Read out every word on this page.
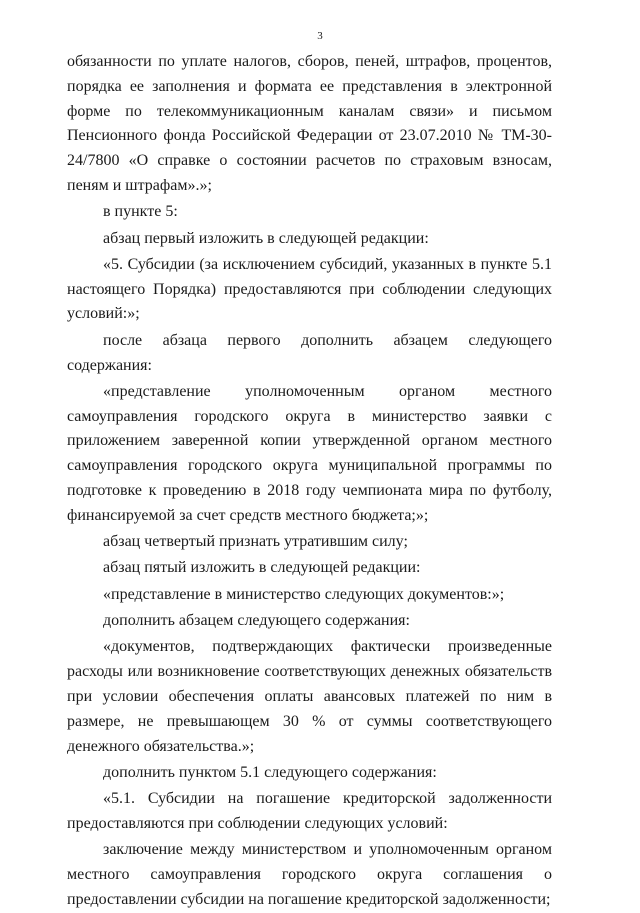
3

обязанности по уплате налогов, сборов, пеней, штрафов, процентов, порядка ее заполнения и формата ее представления в электронной форме по телекоммуникационным каналам связи» и письмом Пенсионного фонда Российской Федерации от 23.07.2010 № ТМ-30-24/7800 «О справке о состоянии расчетов по страховым взносам, пеням и штрафам».»;

в пункте 5:

абзац первый изложить в следующей редакции:

«5. Субсидии (за исключением субсидий, указанных в пункте 5.1 настоящего Порядка) предоставляются при соблюдении следующих условий:»;

после абзаца первого дополнить абзацем следующего содержания:

«представление уполномоченным органом местного самоуправления городского округа в министерство заявки с приложением заверенной копии утвержденной органом местного самоуправления городского округа муниципальной программы по подготовке к проведению в 2018 году чемпионата мира по футболу, финансируемой за счет средств местного бюджета;»;

абзац четвертый признать утратившим силу;

абзац пятый изложить в следующей редакции:

«представление в министерство следующих документов:»;

дополнить абзацем следующего содержания:

«документов, подтверждающих фактически произведенные расходы или возникновение соответствующих денежных обязательств при условии обеспечения оплаты авансовых платежей по ним в размере, не превышающем 30 % от суммы соответствующего денежного обязательства.»;

дополнить пунктом 5.1 следующего содержания:

«5.1. Субсидии на погашение кредиторской задолженности предоставляются при соблюдении следующих условий:

заключение между министерством и уполномоченным органом местного самоуправления городского округа соглашения о предоставлении субсидии на погашение кредиторской задолженности;
